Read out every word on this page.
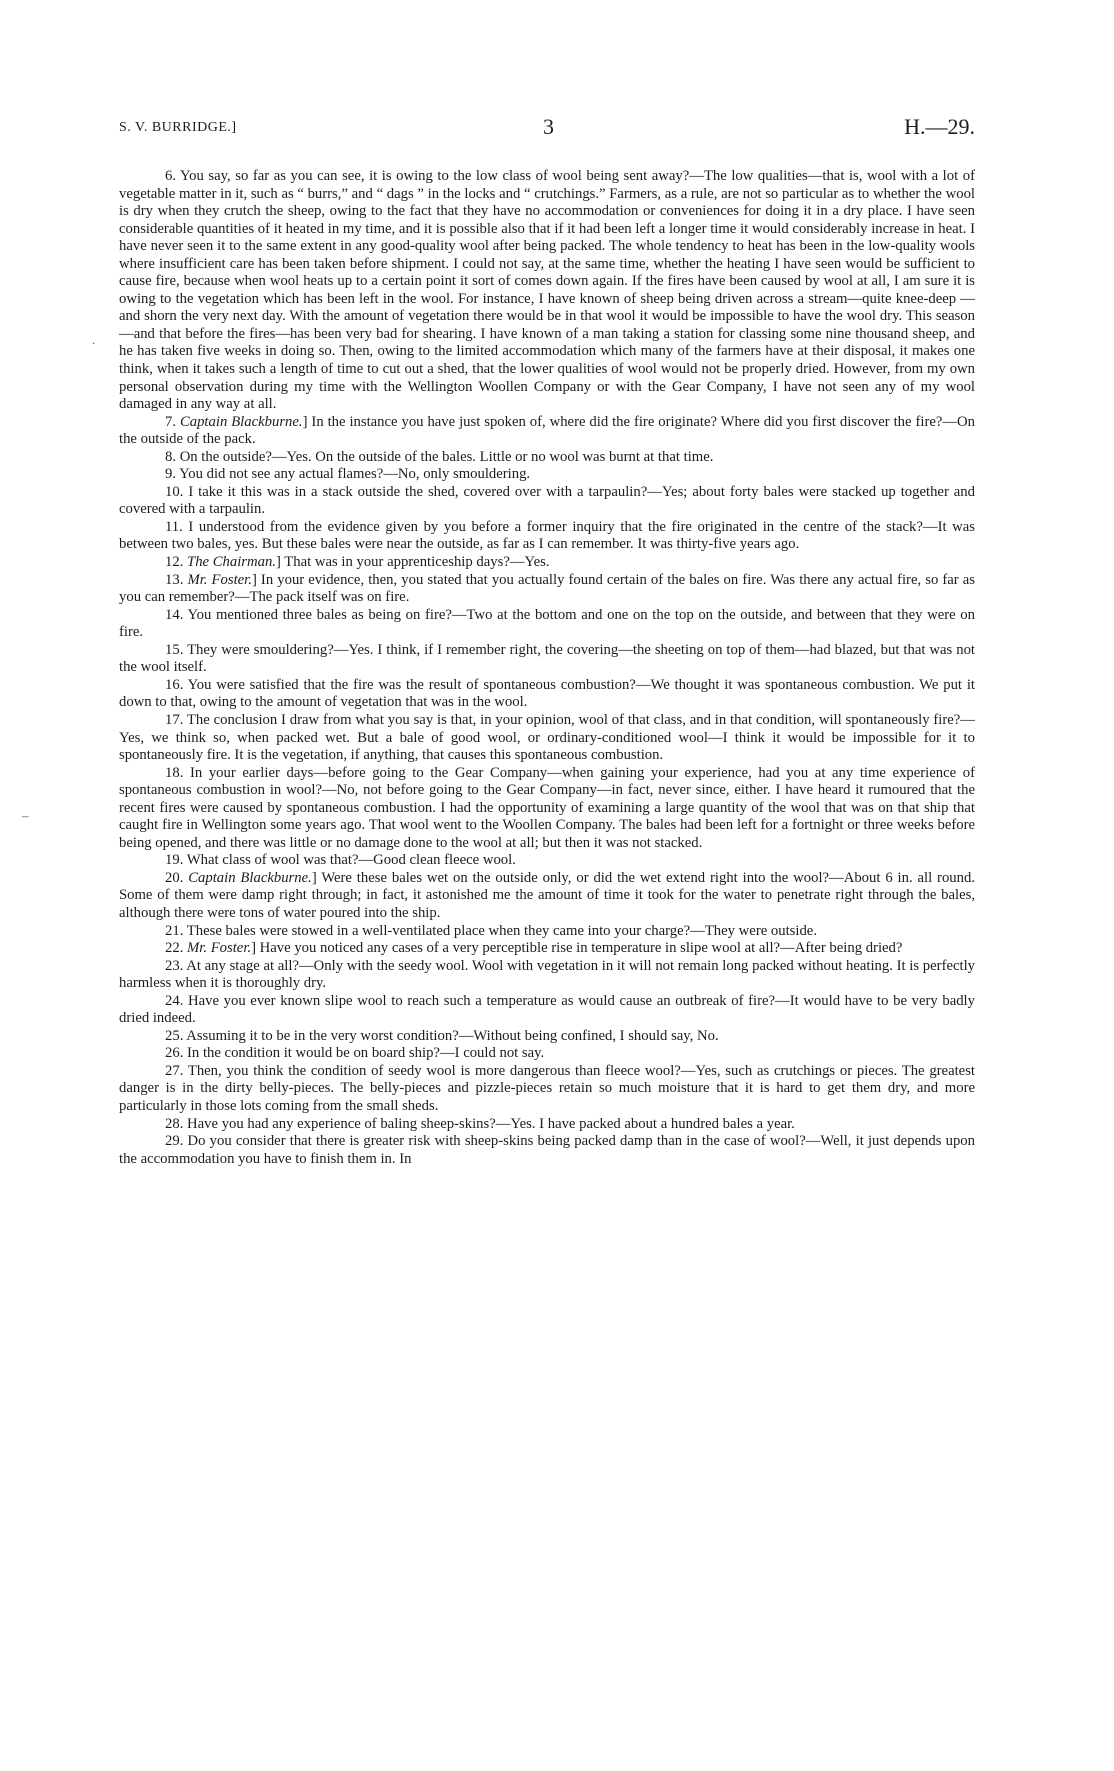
S. V. BURRIDGE.]	3	H.—29.

6. You say, so far as you can see, it is owing to the low class of wool being sent away?—The low qualities—that is, wool with a lot of vegetable matter in it, such as “ burrs,” and “ dags ” in the locks and “ crutchings.” Farmers, as a rule, are not so particular as to whether the wool is dry when they crutch the sheep, owing to the fact that they have no accommodation or conveniences for doing it in a dry place. I have seen considerable quantities of it heated in my time, and it is possible also that if it had been left a longer time it would considerably increase in heat. I have never seen it to the same extent in any good-quality wool after being packed. The whole tendency to heat has been in the low-quality wools where insufficient care has been taken before shipment. I could not say, at the same time, whether the heating I have seen would be sufficient to cause fire, because when wool heats up to a certain point it sort of comes down again. If the fires have been caused by wool at all, I am sure it is owing to the vegetation which has been left in the wool. For instance, I have known of sheep being driven across a stream—quite knee-deep —and shorn the very next day. With the amount of vegetation there would be in that wool it would be impossible to have the wool dry. This season—and that before the fires—has been very bad for shearing. I have known of a man taking a station for classing some nine thousand sheep, and he has taken five weeks in doing so. Then, owing to the limited accommodation which many of the farmers have at their disposal, it makes one think, when it takes such a length of time to cut out a shed, that the lower qualities of wool would not be properly dried. However, from my own personal observation during my time with the Wellington Woollen Company or with the Gear Company, I have not seen any of my wool damaged in any way at all.

7. Captain Blackburne.] In the instance you have just spoken of, where did the fire originate? Where did you first discover the fire?—On the outside of the pack.

8. On the outside?—Yes. On the outside of the bales. Little or no wool was burnt at that time.

9. You did not see any actual flames?—No, only smouldering.

10. I take it this was in a stack outside the shed, covered over with a tarpaulin?—Yes; about forty bales were stacked up together and covered with a tarpaulin.

11. I understood from the evidence given by you before a former inquiry that the fire originated in the centre of the stack?—It was between two bales, yes. But these bales were near the outside, as far as I can remember. It was thirty-five years ago.

12. The Chairman.] That was in your apprenticeship days?—Yes.

13. Mr. Foster.] In your evidence, then, you stated that you actually found certain of the bales on fire. Was there any actual fire, so far as you can remember?—The pack itself was on fire.

14. You mentioned three bales as being on fire?—Two at the bottom and one on the top on the outside, and between that they were on fire.

15. They were smouldering?—Yes. I think, if I remember right, the covering—the sheeting on top of them—had blazed, but that was not the wool itself.

16. You were satisfied that the fire was the result of spontaneous combustion?—We thought it was spontaneous combustion. We put it down to that, owing to the amount of vegetation that was in the wool.

17. The conclusion I draw from what you say is that, in your opinion, wool of that class, and in that condition, will spontaneously fire?—Yes, we think so, when packed wet. But a bale of good wool, or ordinary-conditioned wool—I think it would be impossible for it to spontaneously fire. It is the vegetation, if anything, that causes this spontaneous combustion.

18. In your earlier days—before going to the Gear Company—when gaining your experience, had you at any time experience of spontaneous combustion in wool?—No, not before going to the Gear Company—in fact, never since, either. I have heard it rumoured that the recent fires were caused by spontaneous combustion. I had the opportunity of examining a large quantity of the wool that was on that ship that caught fire in Wellington some years ago. That wool went to the Woollen Company. The bales had been left for a fortnight or three weeks before being opened, and there was little or no damage done to the wool at all; but then it was not stacked.

19. What class of wool was that?—Good clean fleece wool.

20. Captain Blackburne.] Were these bales wet on the outside only, or did the wet extend right into the wool?—About 6 in. all round. Some of them were damp right through; in fact, it astonished me the amount of time it took for the water to penetrate right through the bales, although there were tons of water poured into the ship.

21. These bales were stowed in a well-ventilated place when they came into your charge?—They were outside.

22. Mr. Foster.] Have you noticed any cases of a very perceptible rise in temperature in slipe wool at all?—After being dried?

23. At any stage at all?—Only with the seedy wool. Wool with vegetation in it will not remain long packed without heating. It is perfectly harmless when it is thoroughly dry.

24. Have you ever known slipe wool to reach such a temperature as would cause an outbreak of fire?—It would have to be very badly dried indeed.

25. Assuming it to be in the very worst condition?—Without being confined, I should say, No.

26. In the condition it would be on board ship?—I could not say.

27. Then, you think the condition of seedy wool is more dangerous than fleece wool?—Yes, such as crutchings or pieces. The greatest danger is in the dirty belly-pieces. The belly-pieces and pizzle-pieces retain so much moisture that it is hard to get them dry, and more particularly in those lots coming from the small sheds.

28. Have you had any experience of baling sheep-skins?—Yes. I have packed about a hundred bales a year.

29. Do you consider that there is greater risk with sheep-skins being packed damp than in the case of wool?—Well, it just depends upon the accommodation you have to finish them in. In

.
–
